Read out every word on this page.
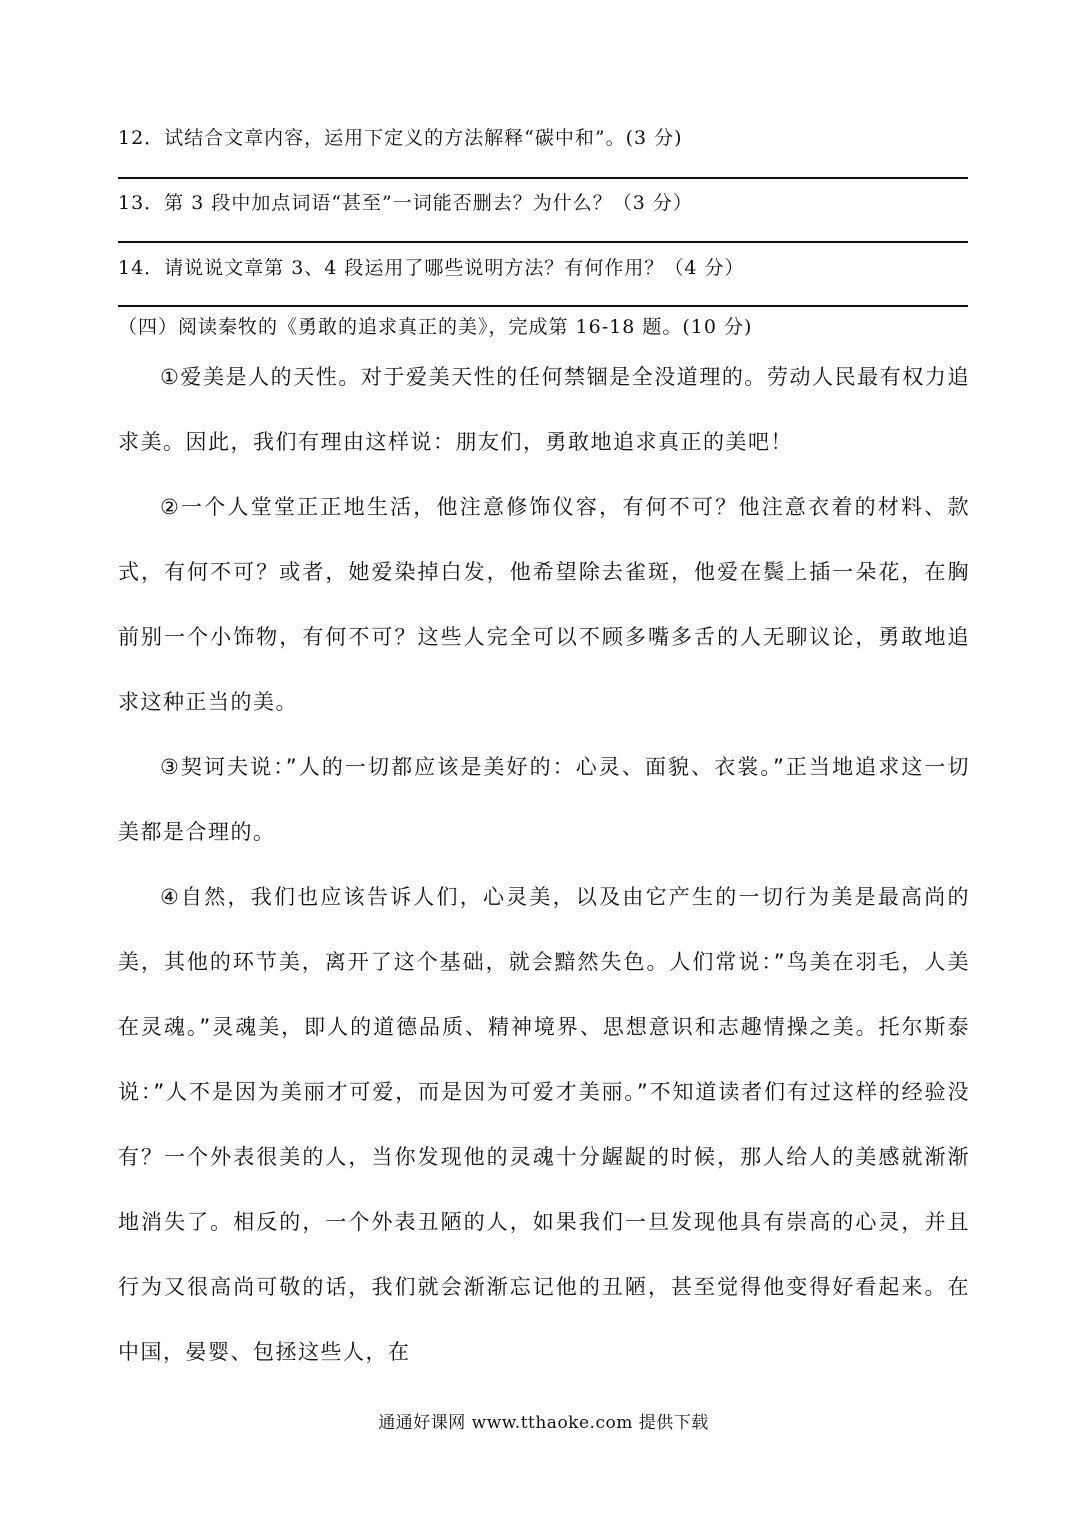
12．试结合文章内容，运用下定义的方法解释“碳中和”。(3 分)
13．第 3 段中加点词语“甚至”一词能否删去？为什么？（3 分）
14．请说说文章第 3、4 段运用了哪些说明方法？有何作用？（4 分）
（四）阅读秦牧的《勇敢的追求真正的美》，完成第 16-18 题。(10 分)

①爱美是人的天性。对于爱美天性的任何禁锢是全没道理的。劳动人民最有权力追求美。因此，我们有理由这样说：朋友们，勇敢地追求真正的美吧！

②一个人堂堂正正地生活，他注意修饰仪容，有何不可？他注意衣着的材料、款式，有何不可？或者，她爱染掉白发，他希望除去雀斑，他爱在鬓上插一朵花，在胸前别一个小饰物，有何不可？这些人完全可以不顾多嘴多舌的人无聊议论，勇敢地追求这种正当的美。

③契诃夫说：”人的一切都应该是美好的：心灵、面貌、衣裳。”正当地追求这一切美都是合理的。

④自然，我们也应该告诉人们，心灵美，以及由它产生的一切行为美是最高尚的美，其他的环节美，离开了这个基础，就会黯然失色。人们常说：”鸟美在羽毛，人美在灵魂。”灵魂美，即人的道德品质、精神境界、思想意识和志趣情操之美。托尔斯泰说：”人不是因为美丽才可爱，而是因为可爱才美丽。”不知道读者们有过这样的经验没有？一个外表很美的人，当你发现他的灵魂十分龌龊的时候，那人给人的美感就渐渐地消失了。相反的，一个外表丑陋的人，如果我们一旦发现他具有崇高的心灵，并且行为又很高尚可敬的话，我们就会渐渐忘记他的丑陋，甚至觉得他变得好看起来。在中国，晏婴、包拯这些人，在

通通好课网 www.tthaoke.com 提供下载
